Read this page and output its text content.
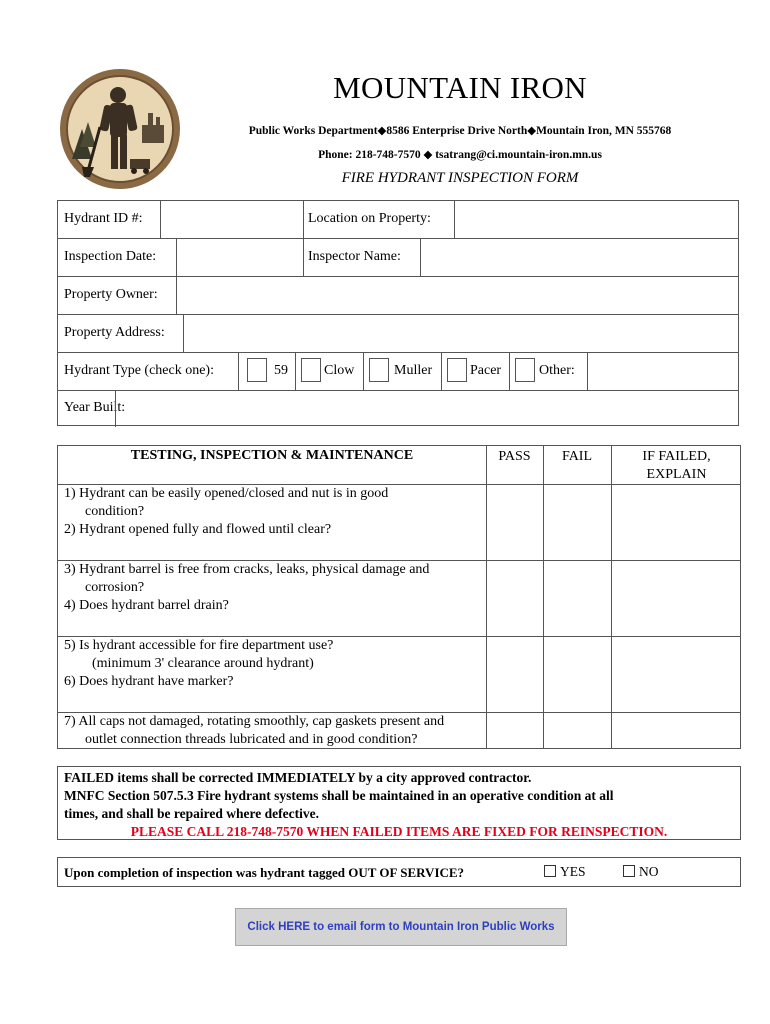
MOUNTAIN IRON
Public Works Department◆8586 Enterprise Drive North◆Mountain Iron, MN 555768
Phone: 218-748-7570 ◆ tsatrang@ci.mountain-iron.mn.us
FIRE HYDRANT INSPECTION FORM
Hydrant ID #:	Location on Property:
Inspection Date:	Inspector Name:
Property Owner:
Property Address:
Hydrant Type (check one):	59	Clow	Muller	Pacer	Other:
Year Built:
TESTING, INSPECTION & MAINTENANCE	PASS	FAIL	IF FAILED,
EXPLAIN
1) Hydrant can be easily opened/closed and nut is in good
condition?
2) Hydrant opened fully and flowed until clear?
3) Hydrant barrel is free from cracks, leaks, physical damage and
corrosion?
4) Does hydrant barrel drain?
5) Is hydrant accessible for fire department use?
(minimum 3' clearance around hydrant)
6) Does hydrant have marker?
7) All caps not damaged, rotating smoothly, cap gaskets present and
outlet connection threads lubricated and in good condition?
FAILED items shall be corrected IMMEDIATELY by a city approved contractor.
MNFC Section 507.5.3 Fire hydrant systems shall be maintained in an operative condition at all
times, and shall be repaired where defective.
PLEASE CALL 218-748-7570 WHEN FAILED ITEMS ARE FIXED FOR REINSPECTION.
Upon completion of inspection was hydrant tagged OUT OF SERVICE?	YES	NO
Click HERE to email form to Mountain Iron Public Works
